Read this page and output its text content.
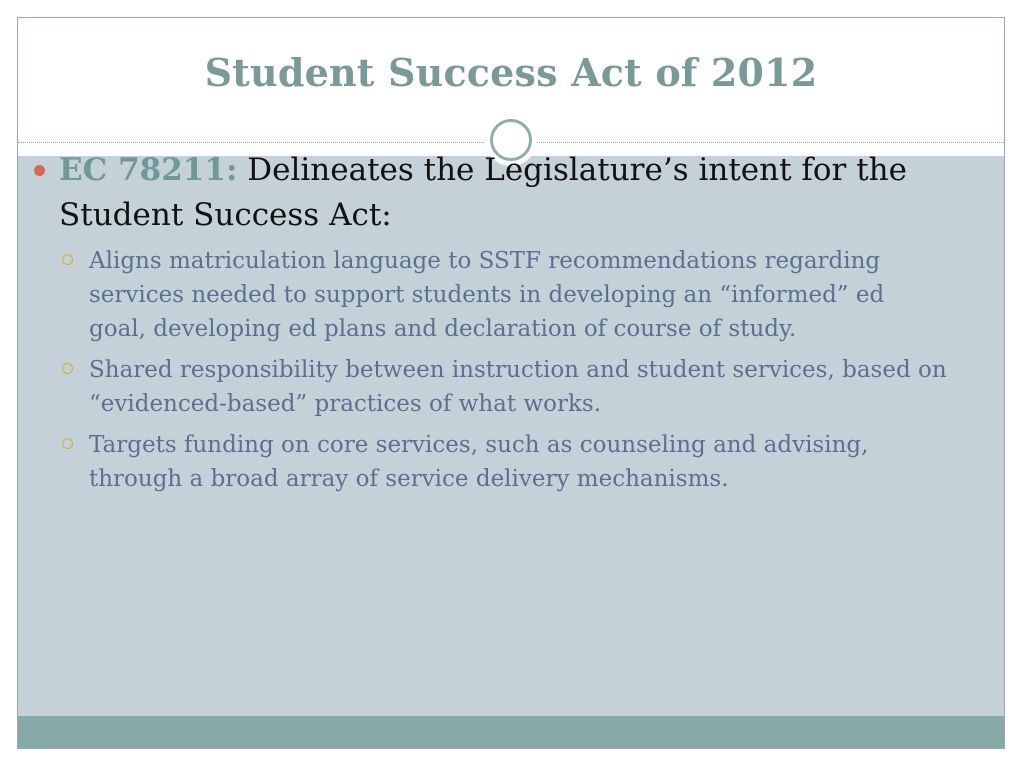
Student Success Act of 2012
EC 78211: Delineates the Legislature’s intent for the Student Success Act:
Aligns matriculation language to SSTF recommendations regarding services needed to support students in developing an “informed” ed goal, developing ed plans and declaration of course of study.
Shared responsibility between instruction and student services, based on “evidenced-based” practices of what works.
Targets funding on core services, such as counseling and advising, through a broad array of service delivery mechanisms.
